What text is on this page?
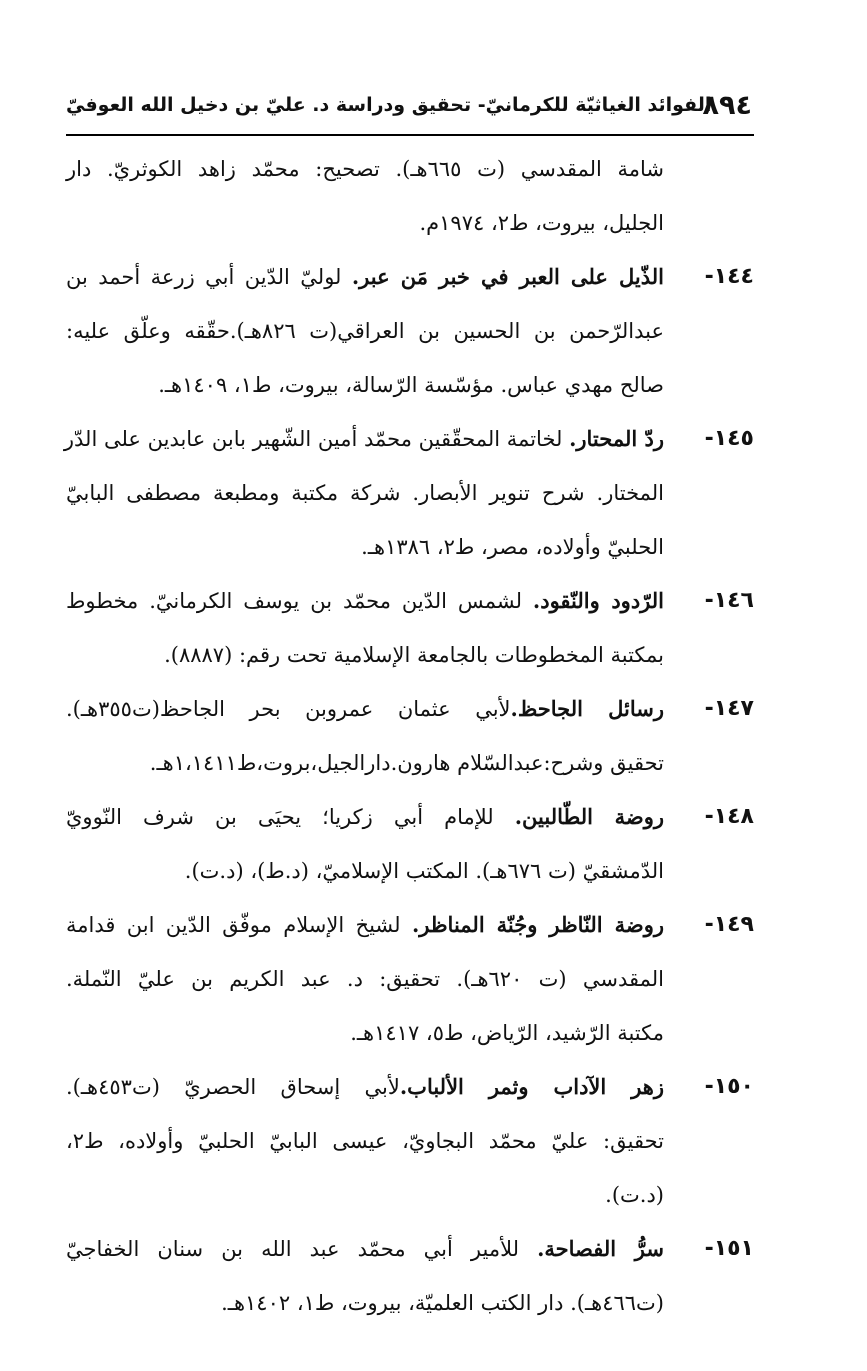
٨٩٤
الفوائد الغياثيّة للكرمانيّ- تحقيق ودراسة د. عليّ بن دخيل الله العوفيّ
شامة المقدسي (ت ٦٦٥هـ). تصحيح: محمّد زاهد الكوثريّ. دار
الجليل، بيروت، ط٢، ١٩٧٤م.
١٤٤-
الذّيل على العبر في خبر مَن عبر. لوليّ الدّين أبي زرعة أحمد بن
عبدالرّحمن بن الحسين بن العراقي(ت ٨٢٦هـ).حقّقه وعلّق عليه:
صالح مهدي عباس. مؤسّسة الرّسالة، بيروت، ط١، ١٤٠٩هـ.
١٤٥-
ردّ المحتار. لخاتمة المحقّقين محمّد أمين الشّهير بابن عابدين على الدّر
المختار. شرح تنوير الأبصار. شركة مكتبة ومطبعة مصطفى البابيّ
الحلبيّ وأولاده، مصر، ط٢، ١٣٨٦هـ.
١٤٦-
الرّدود والنّقود. لشمس الدّين محمّد بن يوسف الكرمانيّ. مخطوط
بمكتبة المخطوطات بالجامعة الإسلامية تحت رقم: (٨٨٨٧).
١٤٧-
رسائل الجاحظ.لأبي عثمان عمروبن بحر الجاحظ(ت٣٥٥هـ).
تحقيق وشرح:عبدالسّلام هارون.دارالجيل،بروت،ط١،١٤١١هـ.
١٤٨-
روضة الطّالبين. للإمام أبي زكريا؛ يحيَى بن شرف النّوويّ
الدّمشقيّ (ت ٦٧٦هـ). المكتب الإسلاميّ، (د.ط)، (د.ت).
١٤٩-
روضة النّاظر وجُنّة المناظر. لشيخ الإسلام موفّق الدّين ابن قدامة
المقدسي (ت ٦٢٠هـ). تحقيق: د. عبد الكريم بن عليّ النّملة.
مكتبة الرّشيد، الرّياض، ط٥، ١٤١٧هـ.
١٥٠-
زهر الآداب وثمر الألباب.لأبي إسحاق الحصريّ (ت٤٥٣هـ).
تحقيق: عليّ محمّد البجاويّ، عيسى البابيّ الحلبيّ وأولاده، ط٢،
(د.ت).
١٥١-
سرُّ الفصاحة. للأمير أبي محمّد عبد الله بن سنان الخفاجيّ
(ت٤٦٦هـ). دار الكتب العلميّة، بيروت، ط١، ١٤٠٢هـ.
